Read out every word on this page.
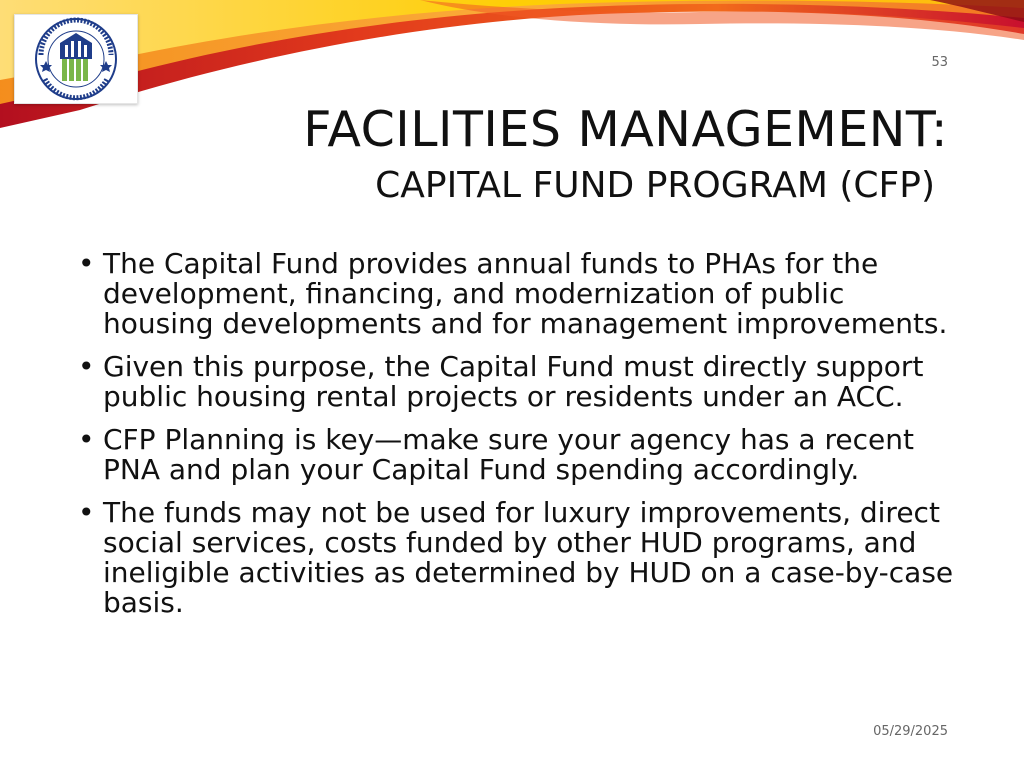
53
FACILITIES MANAGEMENT:
CAPITAL FUND PROGRAM (CFP)
• The Capital Fund provides annual funds to PHAs for the development, financing, and modernization of public housing developments and for management improvements.
• Given this purpose, the Capital Fund must directly support public housing rental projects or residents under an ACC.
• CFP Planning is key—make sure your agency has a recent PNA and plan your Capital Fund spending accordingly.
• The funds may not be used for luxury improvements, direct social services, costs funded by other HUD programs, and ineligible activities as determined by HUD on a case-by-case basis.
05/29/2025
